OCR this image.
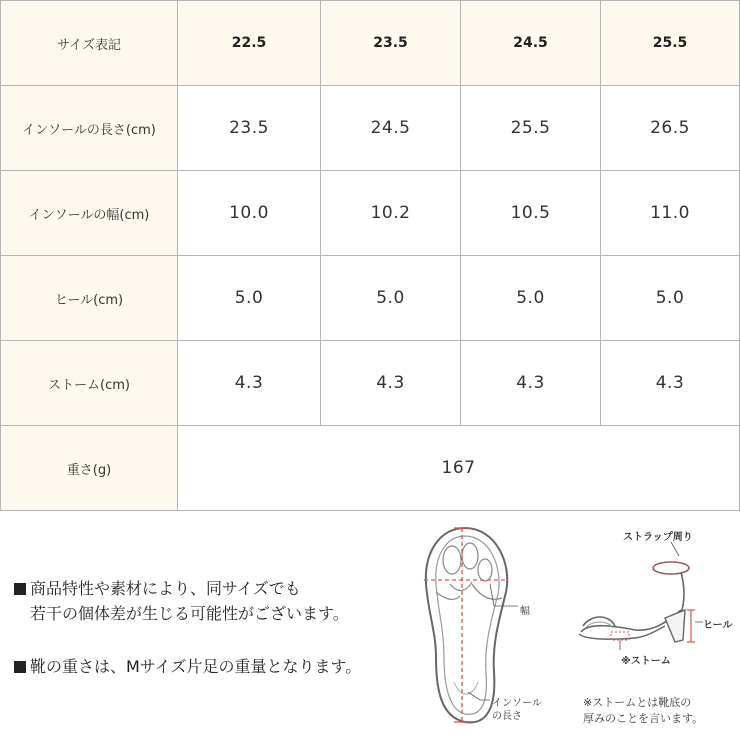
サイズ表記	22.5	23.5	24.5	25.5
インソールの長さ(cm)	23.5	24.5	25.5	26.5
インソールの幅(cm)	10.0	10.2	10.5	11.0
ヒール(cm)	5.0	5.0	5.0	5.0
ストーム(cm)	4.3	4.3	4.3	4.3
重さ(g)	167
商品特性や素材により、同サイズでも
若干の個体差が生じる可能性がございます。
靴の重さは、Mサイズ片足の重量となります。
幅
インソール
の長さ
ストラップ周り
ヒール
※ストーム
※ストームとは靴底の
厚みのことを言います。
